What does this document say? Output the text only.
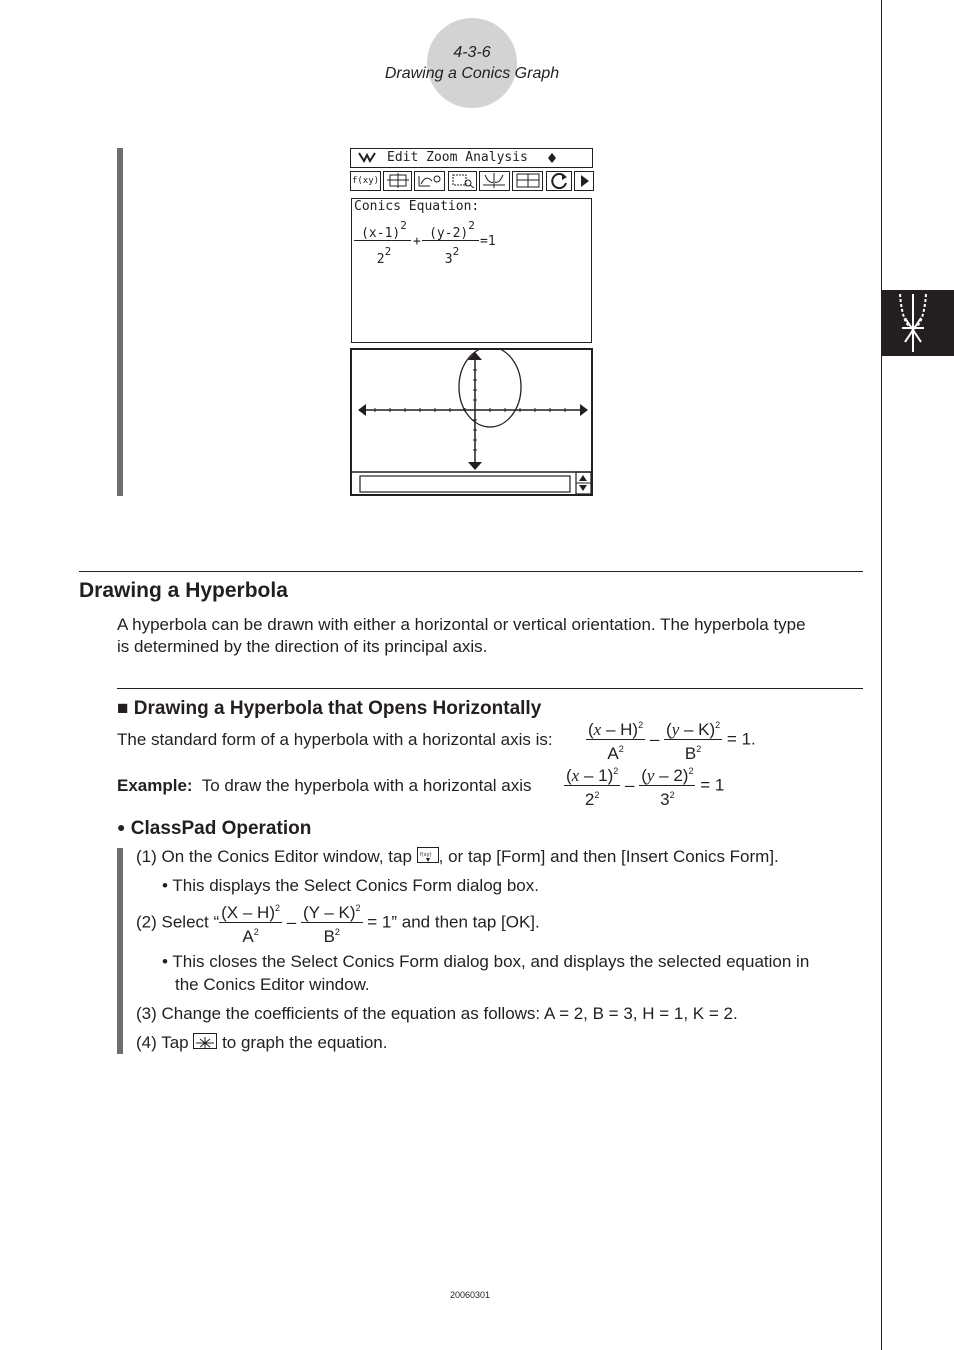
4-3-6
Drawing a Conics Graph
Edit Zoom Analysis
f(xy)
Conics Equation:
$(x-1)^2$
$2^2$
+
$(y-2)^2$
$3^2$
=1
Drawing a Hyperbola
A hyperbola can be drawn with either a horizontal or vertical orientation. The hyperbola type
is determined by the direction of its principal axis.
■ Drawing a Hyperbola that Opens Horizontally
The standard form of a hyperbola with a horizontal axis is: $\frac{(x - H)^2}{A^2} - \frac{(y - K)^2}{B^2} = 1$.
Example: To draw the hyperbola with a horizontal axis $\frac{(x - 1)^2}{2^2} - \frac{(y - 2)^2}{3^2} = 1$
● ClassPad Operation
(1) On the Conics Editor window, tap f(xy) , or tap [Form] and then [Insert Conics Form].
• This displays the Select Conics Form dialog box.
(2) Select “ $\frac{(X - H)^2}{A^2} - \frac{(Y - K)^2}{B^2} = 1$” and then tap [OK].
• This closes the Select Conics Form dialog box, and displays the selected equation in
the Conics Editor window.
(3) Change the coefficients of the equation as follows: A = 2, B = 3, H = 1, K = 2.
(4) Tap to graph the equation.
20060301
